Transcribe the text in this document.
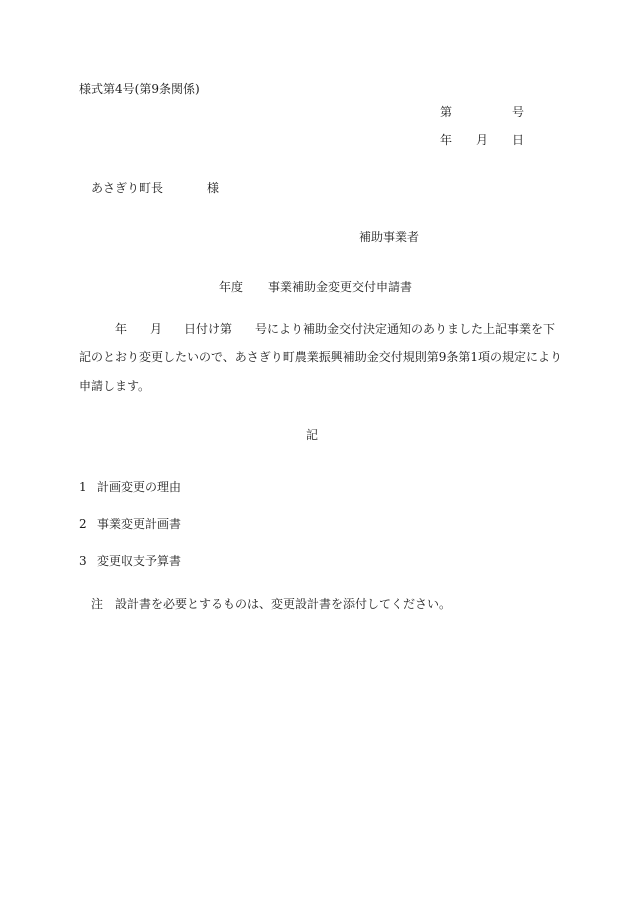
様式第4号(第9条関係)
第	号
年 月 日
あさぎり町長	様
補助事業者
年度 事業補助金変更交付申請書
年 月 日付け第 号により補助金交付決定通知のありました上記事業を下
記のとおり変更したいので、あさぎり町農業振興補助金交付規則第9条第1項の規定により
申請します。
記
1 計画変更の理由
2 事業変更計画書
3 変更収支予算書
注 設計書を必要とするものは、変更設計書を添付してください。
